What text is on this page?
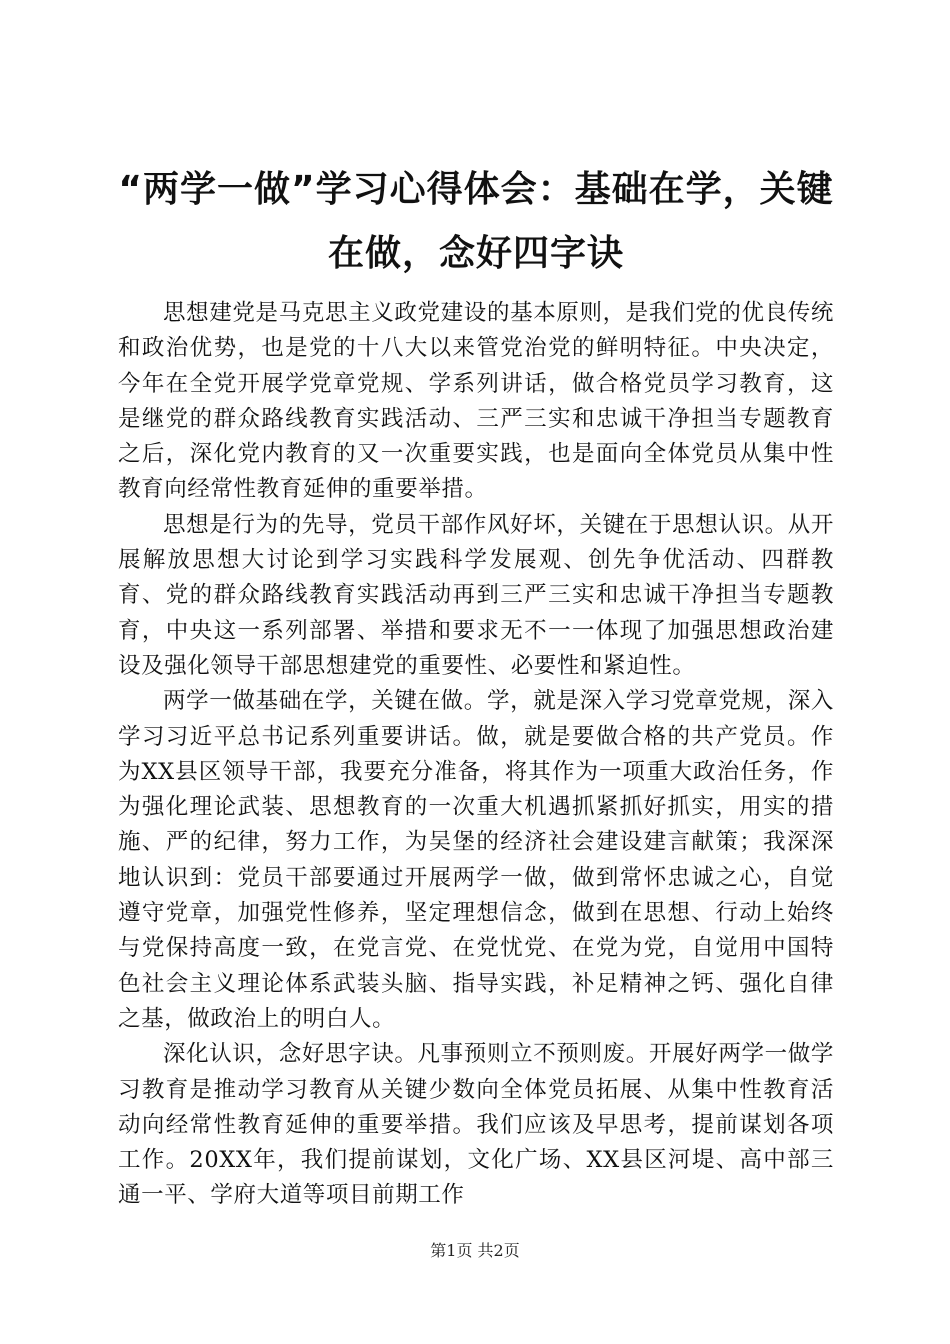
“两学一做”学习心得体会：基础在学，关键
在做，念好四字诀

思想建党是马克思主义政党建设的基本原则，是我们党的优良传统和政治优势，也是党的十八大以来管党治党的鲜明特征。中央决定，今年在全党开展学党章党规、学系列讲话，做合格党员学习教育，这是继党的群众路线教育实践活动、三严三实和忠诚干净担当专题教育之后，深化党内教育的又一次重要实践，也是面向全体党员从集中性教育向经常性教育延伸的重要举措。

思想是行为的先导，党员干部作风好坏，关键在于思想认识。从开展解放思想大讨论到学习实践科学发展观、创先争优活动、四群教育、党的群众路线教育实践活动再到三严三实和忠诚干净担当专题教育，中央这一系列部署、举措和要求无不一一体现了加强思想政治建设及强化领导干部思想建党的重要性、必要性和紧迫性。

两学一做基础在学，关键在做。学，就是深入学习党章党规，深入学习习近平总书记系列重要讲话。做，就是要做合格的共产党员。作为XX县区领导干部，我要充分准备，将其作为一项重大政治任务，作为强化理论武装、思想教育的一次重大机遇抓紧抓好抓实，用实的措施、严的纪律，努力工作，为吴堡的经济社会建设建言献策；我深深地认识到：党员干部要通过开展两学一做，做到常怀忠诚之心，自觉遵守党章，加强党性修养，坚定理想信念，做到在思想、行动上始终与党保持高度一致，在党言党、在党忧党、在党为党，自觉用中国特色社会主义理论体系武装头脑、指导实践，补足精神之钙、强化自律之基，做政治上的明白人。

深化认识，念好思字诀。凡事预则立不预则废。开展好两学一做学习教育是推动学习教育从关键少数向全体党员拓展、从集中性教育活动向经常性教育延伸的重要举措。我们应该及早思考，提前谋划各项工作。20XX年，我们提前谋划，文化广场、XX县区河堤、高中部三通一平、学府大道等项目前期工作

第1页 共2页
